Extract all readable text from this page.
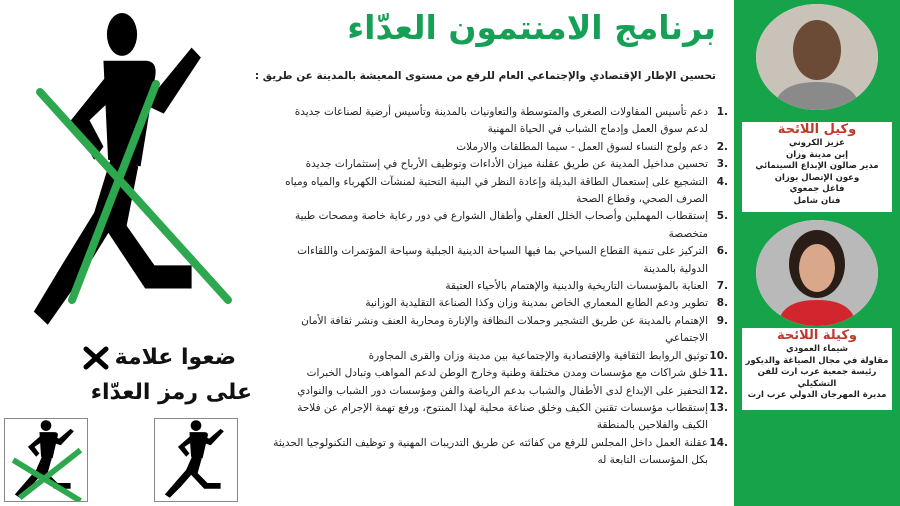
ضعوا علامة
على رمز العدّاء
برنامج الامنتمون العدّاء
تحسين الإطار الإقتصادي والإجتماعي العام للرفع من مستوى المعيشة بالمدينة عن طريق :
1.
دعم تأسيس المقاولات الصغرى والمتوسطة والتعاونيات بالمدينة وتأسيس أرضية لصناعات جديدة لدعم سوق العمل وإدماج الشباب في الحياة المهنية
2.
دعم ولوج النساء لسوق العمل - سيما المطلقات والارملات
3.
تحسين مداخيل المدينة عن طريق عقلنة ميزان الأداءات وتوظيف الأرباح في إستثمارات جديدة
4.
التشجيع على إستعمال الطاقة البديلة وإعادة النظر في البنية التحتية لمنشآت الكهرباء والمياه ومياه الصرف الصحي، وقطاع الصحة
5.
إستقطاب المهملين وأصحاب الخلل العقلي وأطفال الشوارع في دور رعاية خاصة ومصحات طبية متخصصة
6.
التركيز على تنمية القطاع السياحي بما فيها السياحة الدينية الجبلية وسياحة المؤتمرات واللقاءات الدولية بالمدينة
7.
العناية بالمؤسسات التاريخية والدينية والإهتمام بالأحياء العتيقة
8.
تطوير ودعم الطابع المعماري الخاص بمدينة وزان وكذا الصناعة التقليدية الوزانية
9.
الإهتمام بالمدينة عن طريق التشجير وحملات النظافة والإنارة ومحاربة العنف ونشر ثقافة الأمان الاجتماعي
10.
توثيق الروابط الثقافية والإقتصادية والإجتماعية بين مدينة وزان والقرى المجاورة
11.
خلق شراكات مع مؤسسات ومدن مختلفة وطنية وخارج الوطن لدعم المواهب وتبادل الخبرات
12.
التحفيز على الإبداع لدى الأطفال والشباب بدعم الرياضة والفن ومؤسسات دور الشباب والنوادي
13.
إستقطاب مؤسسات تقنين الكيف وخلق صناعة محلية لهذا المنتوج، ورفع تهمة الإجرام عن فلاحة الكيف والفلاحين بالمنطقة
14.
عقلنة العمل داخل المجلس للرفع من كفائته عن طريق التدريبات المهنية و توظيف التكنولوجيا الحديثة بكل المؤسسات التابعة له
وكيل اللائحة
عزيز الكروني
إبن مدينة وزان
مدير صالون الإبداع السينمائي
وعون الإتصال بوزان
فاعل جمعوي
فنان شامل
وكيلة اللائحة
شيماء العمودي
مقاولة في مجال الصياغة والديكور
رئيسة جمعية عرب ارت للفن
التشكيلي
مديرة المهرجان الدولي عرب ارت
